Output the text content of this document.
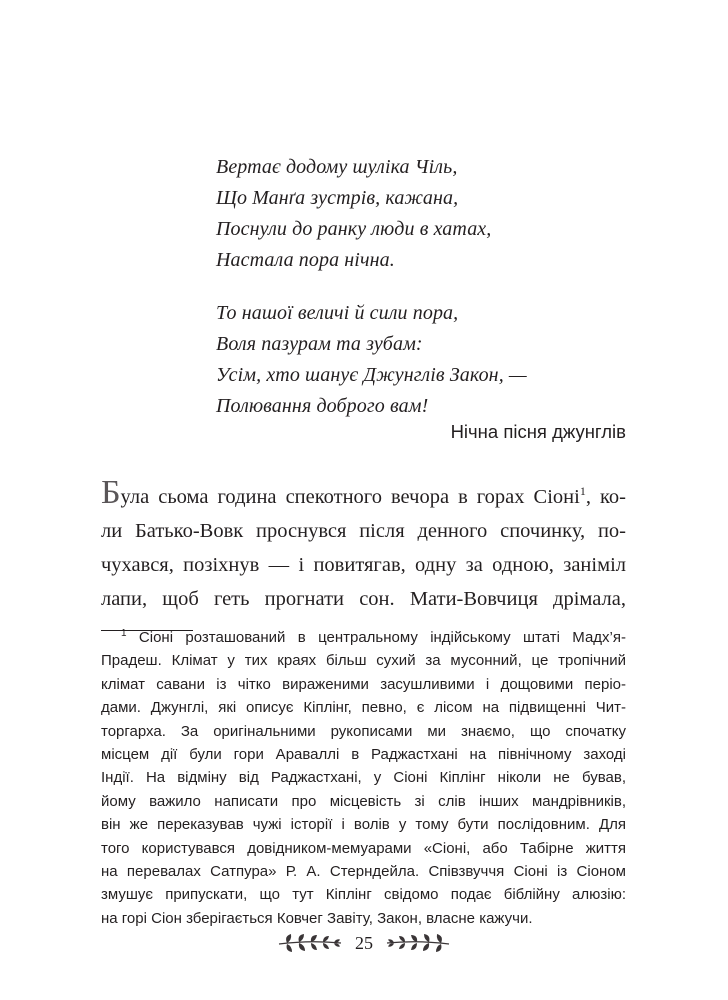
Вертає додому шуліка Чіль,
Що Манґа зустрів, кажана,
Поснули до ранку люди в хатах,
Настала пора нічна.

То нашої величі й сили пора,
Воля пазурам та зубам:
Усім, хто шанує Джунглів Закон, —
Полювання доброго вам!

Нічна пісня джунглів
Була сьома година спекотного вечора в горах Сіоні$^1$, ко-
ли Батько-Вовк проснувся після денного спочинку, по-
чухався, позіхнув — і повитягав, одну за одною, заніміл
лапи, щоб геть прогнати сон. Мати-Вовчиця дрімала,
$^1$ Сіоні розташований в центральному індійському штаті Мадх’я-
Прадеш. Клімат у тих краях більш сухий за мусонний, це тропічний
клімат савани із чітко вираженими засушливими і дощовими періо-
дами. Джунглі, які описує Кіплінг, певно, є лісом на підвищенні Чит-
торгарха. За оригінальними рукописами ми знаємо, що спочатку
місцем дії були гори Араваллі в Раджастхані на північному заході
Індії. На відміну від Раджастхані, у Сіоні Кіплінг ніколи не бував,
йому важило написати про місцевість зі слів інших мандрівників,
він же переказував чужі історії і волів у тому бути послідовним. Для
того користувався довідником-мемуарами «Сіоні, або Табірне життя
на перевалах Сатпура» Р. А. Стерндейла. Співзвуччя Сіоні із Сіоном
змушує припускати, що тут Кіплінг свідомо подає біблійну алюзію:
на горі Сіон зберігається Ковчег Завіту, Закон, власне кажучи.
25
